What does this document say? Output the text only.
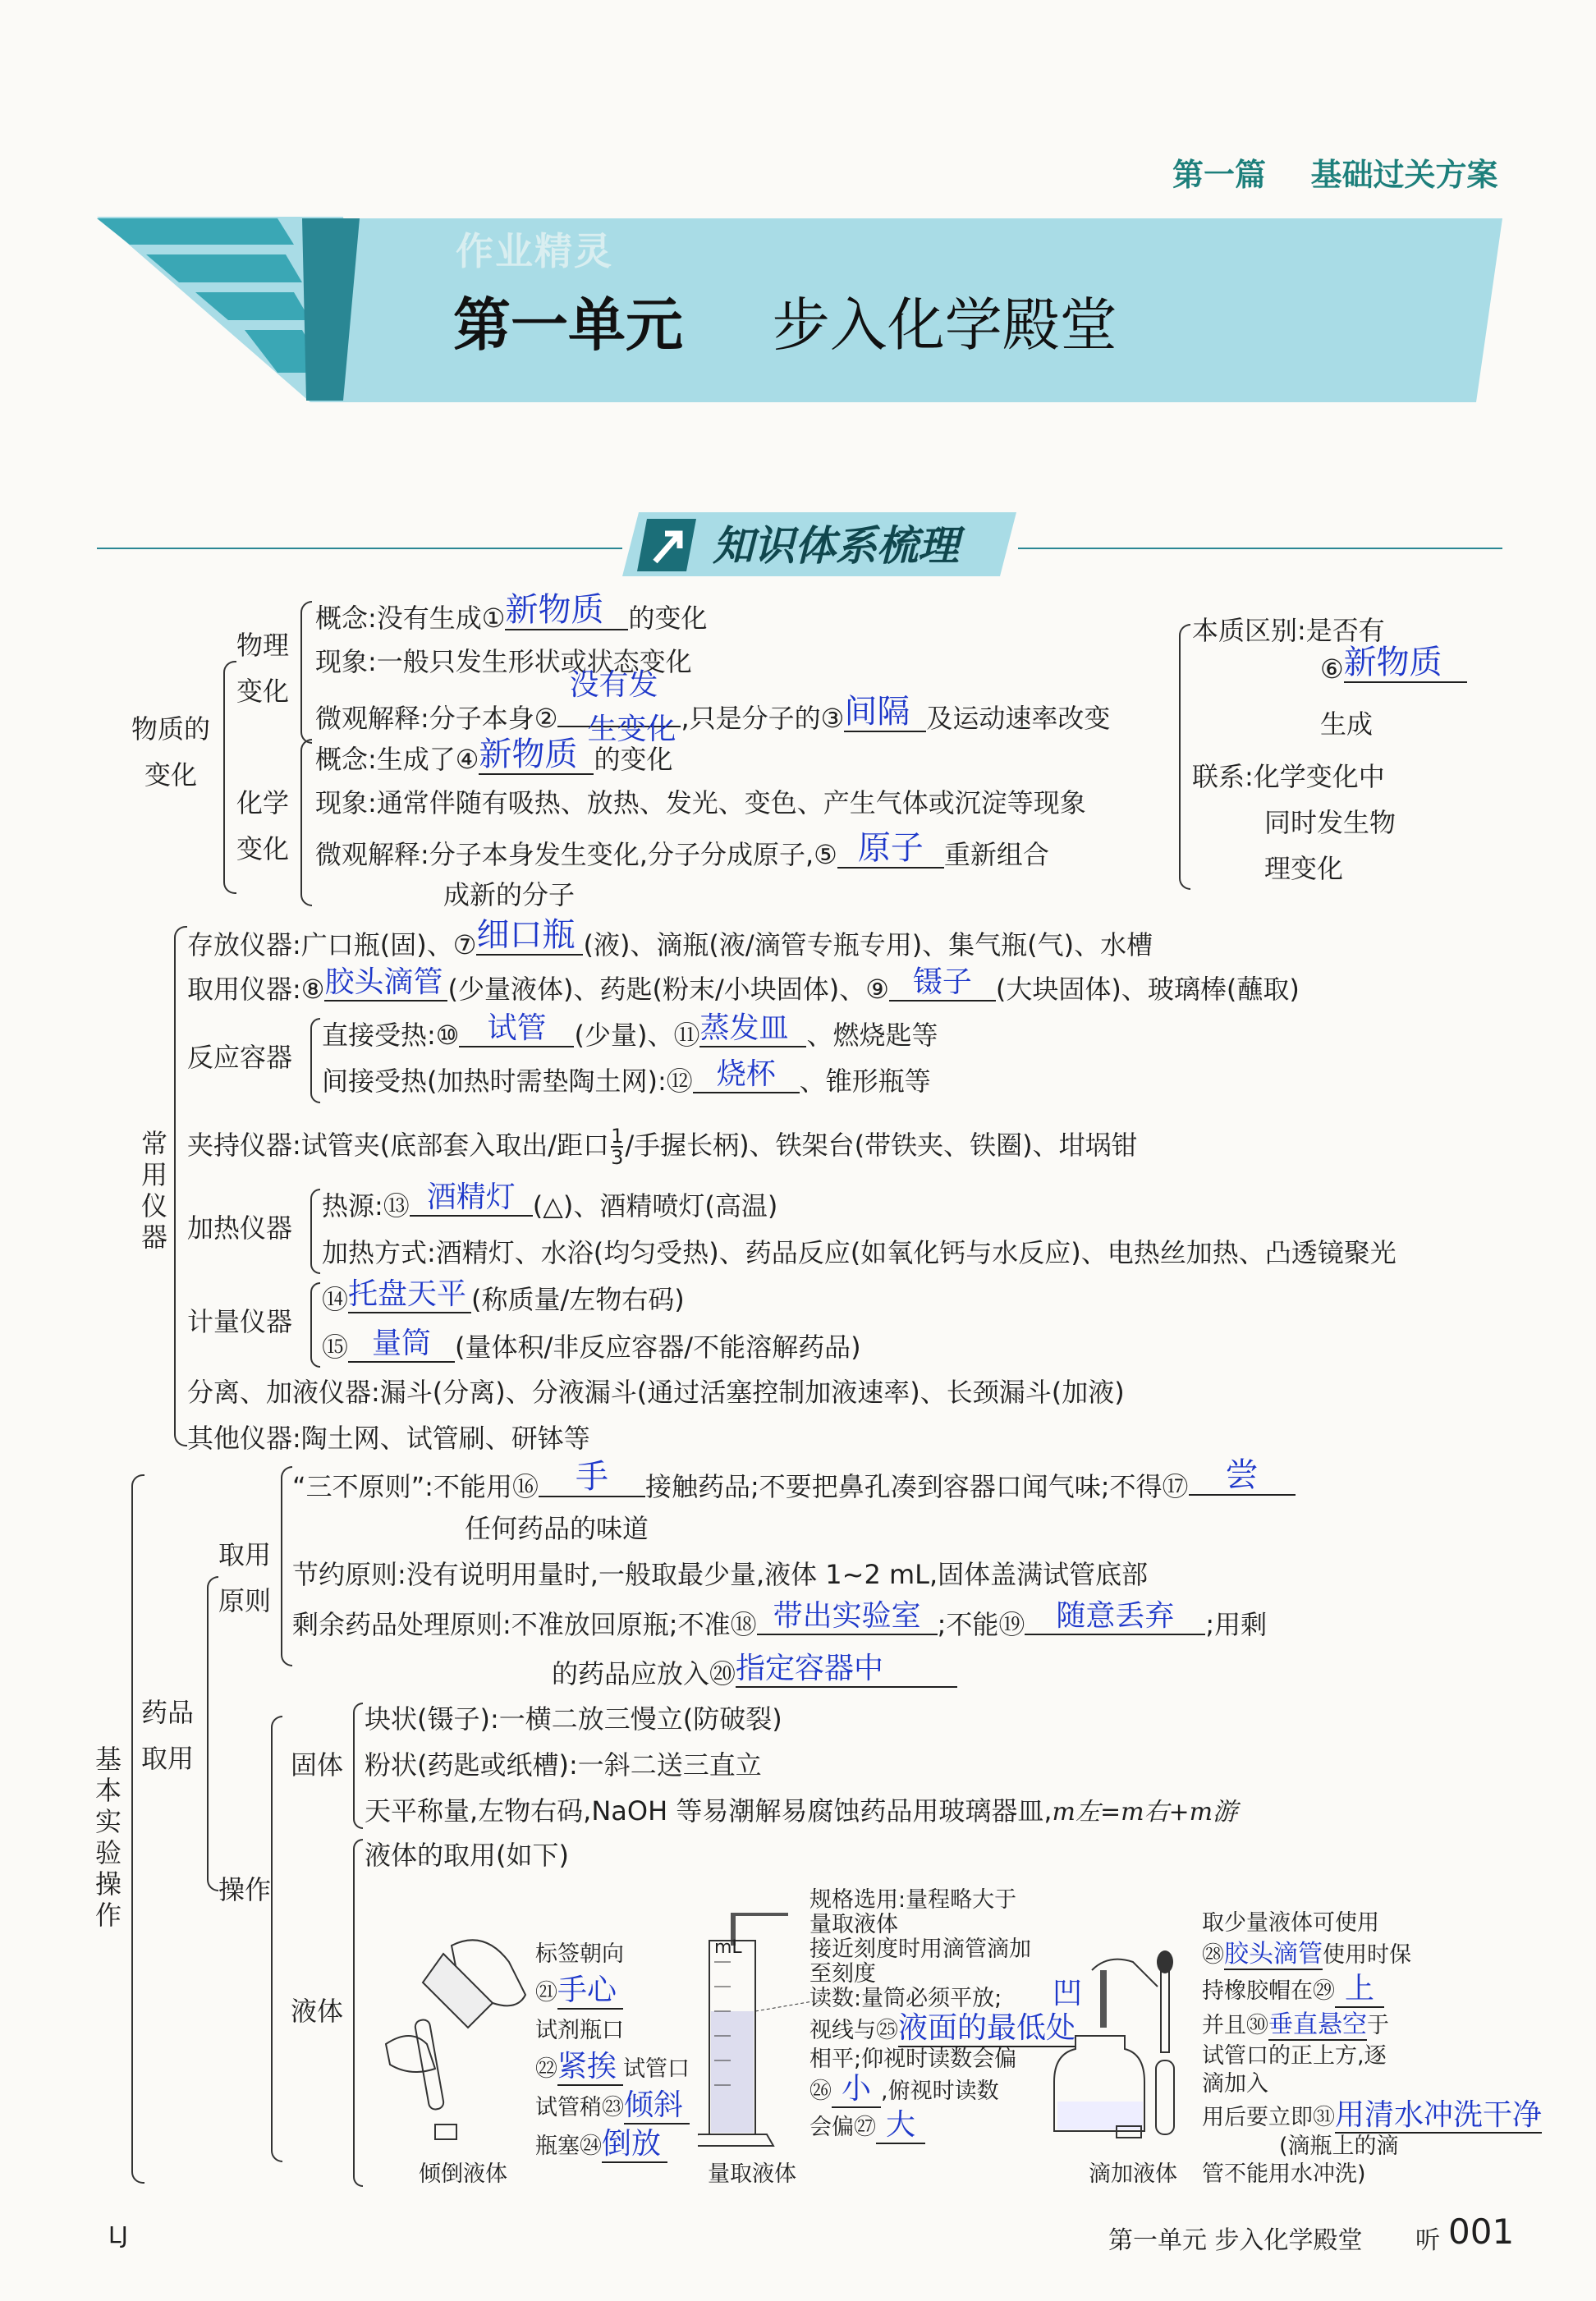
第一篇 基础过关方案
作业精灵
第一单元 步入化学殿堂
知识体系梳理
物质的
变化
物理
变化
概念:没有生成①新物质 的变化
现象:一般只发生形状或状态变化
微观解释:分子本身②
没有发
生变化 ,只是分子的③间隔 及运动速率改变
化学
变化
概念:生成了④新物质 的变化
现象:通常伴随有吸热、放热、发光、变色、产生气体或沉淀等现象
微观解释:分子本身发生变化,分子分成原子,⑤ 原子 重新组合
成新的分子
本质区别:是否有
⑥新物质
生成
联系:化学变化中
同时发生物
理变化
常
用
仪
器
存放仪器:广口瓶(固)、⑦细口瓶 (液)、滴瓶(液/滴管专瓶专用)、集气瓶(气)、水槽
取用仪器:⑧胶头滴管 (少量液体)、药匙(粉末/小块固体)、⑨ 镊子 (大块固体)、玻璃棒(蘸取)
反应容器
直接受热:⑩ 试管 (少量)、⑪蒸发皿 、燃烧匙等
间接受热(加热时需垫陶土网):⑫ 烧杯 、锥形瓶等
夹持仪器:试管夹(底部套入取出/距口 $\frac{1}{3}$ /手握长柄)、铁架台(带铁夹、铁圈)、坩埚钳
加热仪器
热源:⑬ 酒精灯 (△)、酒精喷灯(高温)
加热方式:酒精灯、水浴(均匀受热)、药品反应(如氧化钙与水反应)、电热丝加热、凸透镜聚光
计量仪器
⑭托盘天平 (称质量/左物右码)
⑮ 量筒 (量体积/非反应容器/不能溶解药品)
分离、加液仪器:漏斗(分离)、分液漏斗(通过活塞控制加液速率)、长颈漏斗(加液)
其他仪器:陶土网、试管刷、研钵等
基
本
实
验
操
作
药品
取用
取用
原则
“三不原则”:不能用⑯ 手 接触药品;不要把鼻孔凑到容器口闻气味;不得⑰ 尝
任何药品的味道
节约原则:没有说明用量时,一般取最少量,液体 1~2 mL,固体盖满试管底部
剩余药品处理原则:不准放回原瓶;不准⑱ 带出实验室 ;不能⑲ 随意丢弃 ;用剩
的药品应放入⑳指定容器中
操作
固体
块状(镊子):一横二放三慢立(防破裂)
粉状(药匙或纸槽):一斜二送三直立
天平称量,左物右码,NaOH 等易潮解易腐蚀药品用玻璃器皿,m左=m右+m游
液体
液体的取用(如下)
标签朝向
㉑手心
试剂瓶口
㉒紧挨 试管口
试管稍㉓倾斜
瓶塞㉔倒放
倾倒液体
mL
规格选用:量程略大于
量取液体
接近刻度时用滴管滴加
至刻度
读数:量筒必须平放;
视线与㉕液面的最低处
相平;仰视时读数会偏
㉖ 小 ,俯视时读数
会偏㉗ 大
凹
量取液体
取少量液体可使用
㉘胶头滴管使用时保
持橡胶帽在㉙ 上
并且㉚垂直悬空于
试管口的正上方,逐
滴加入
用后要立即㉛用清水冲洗干净
(滴瓶上的滴
管不能用水冲洗)
滴加液体
LJ	第一单元 步入化学殿堂 听 001
